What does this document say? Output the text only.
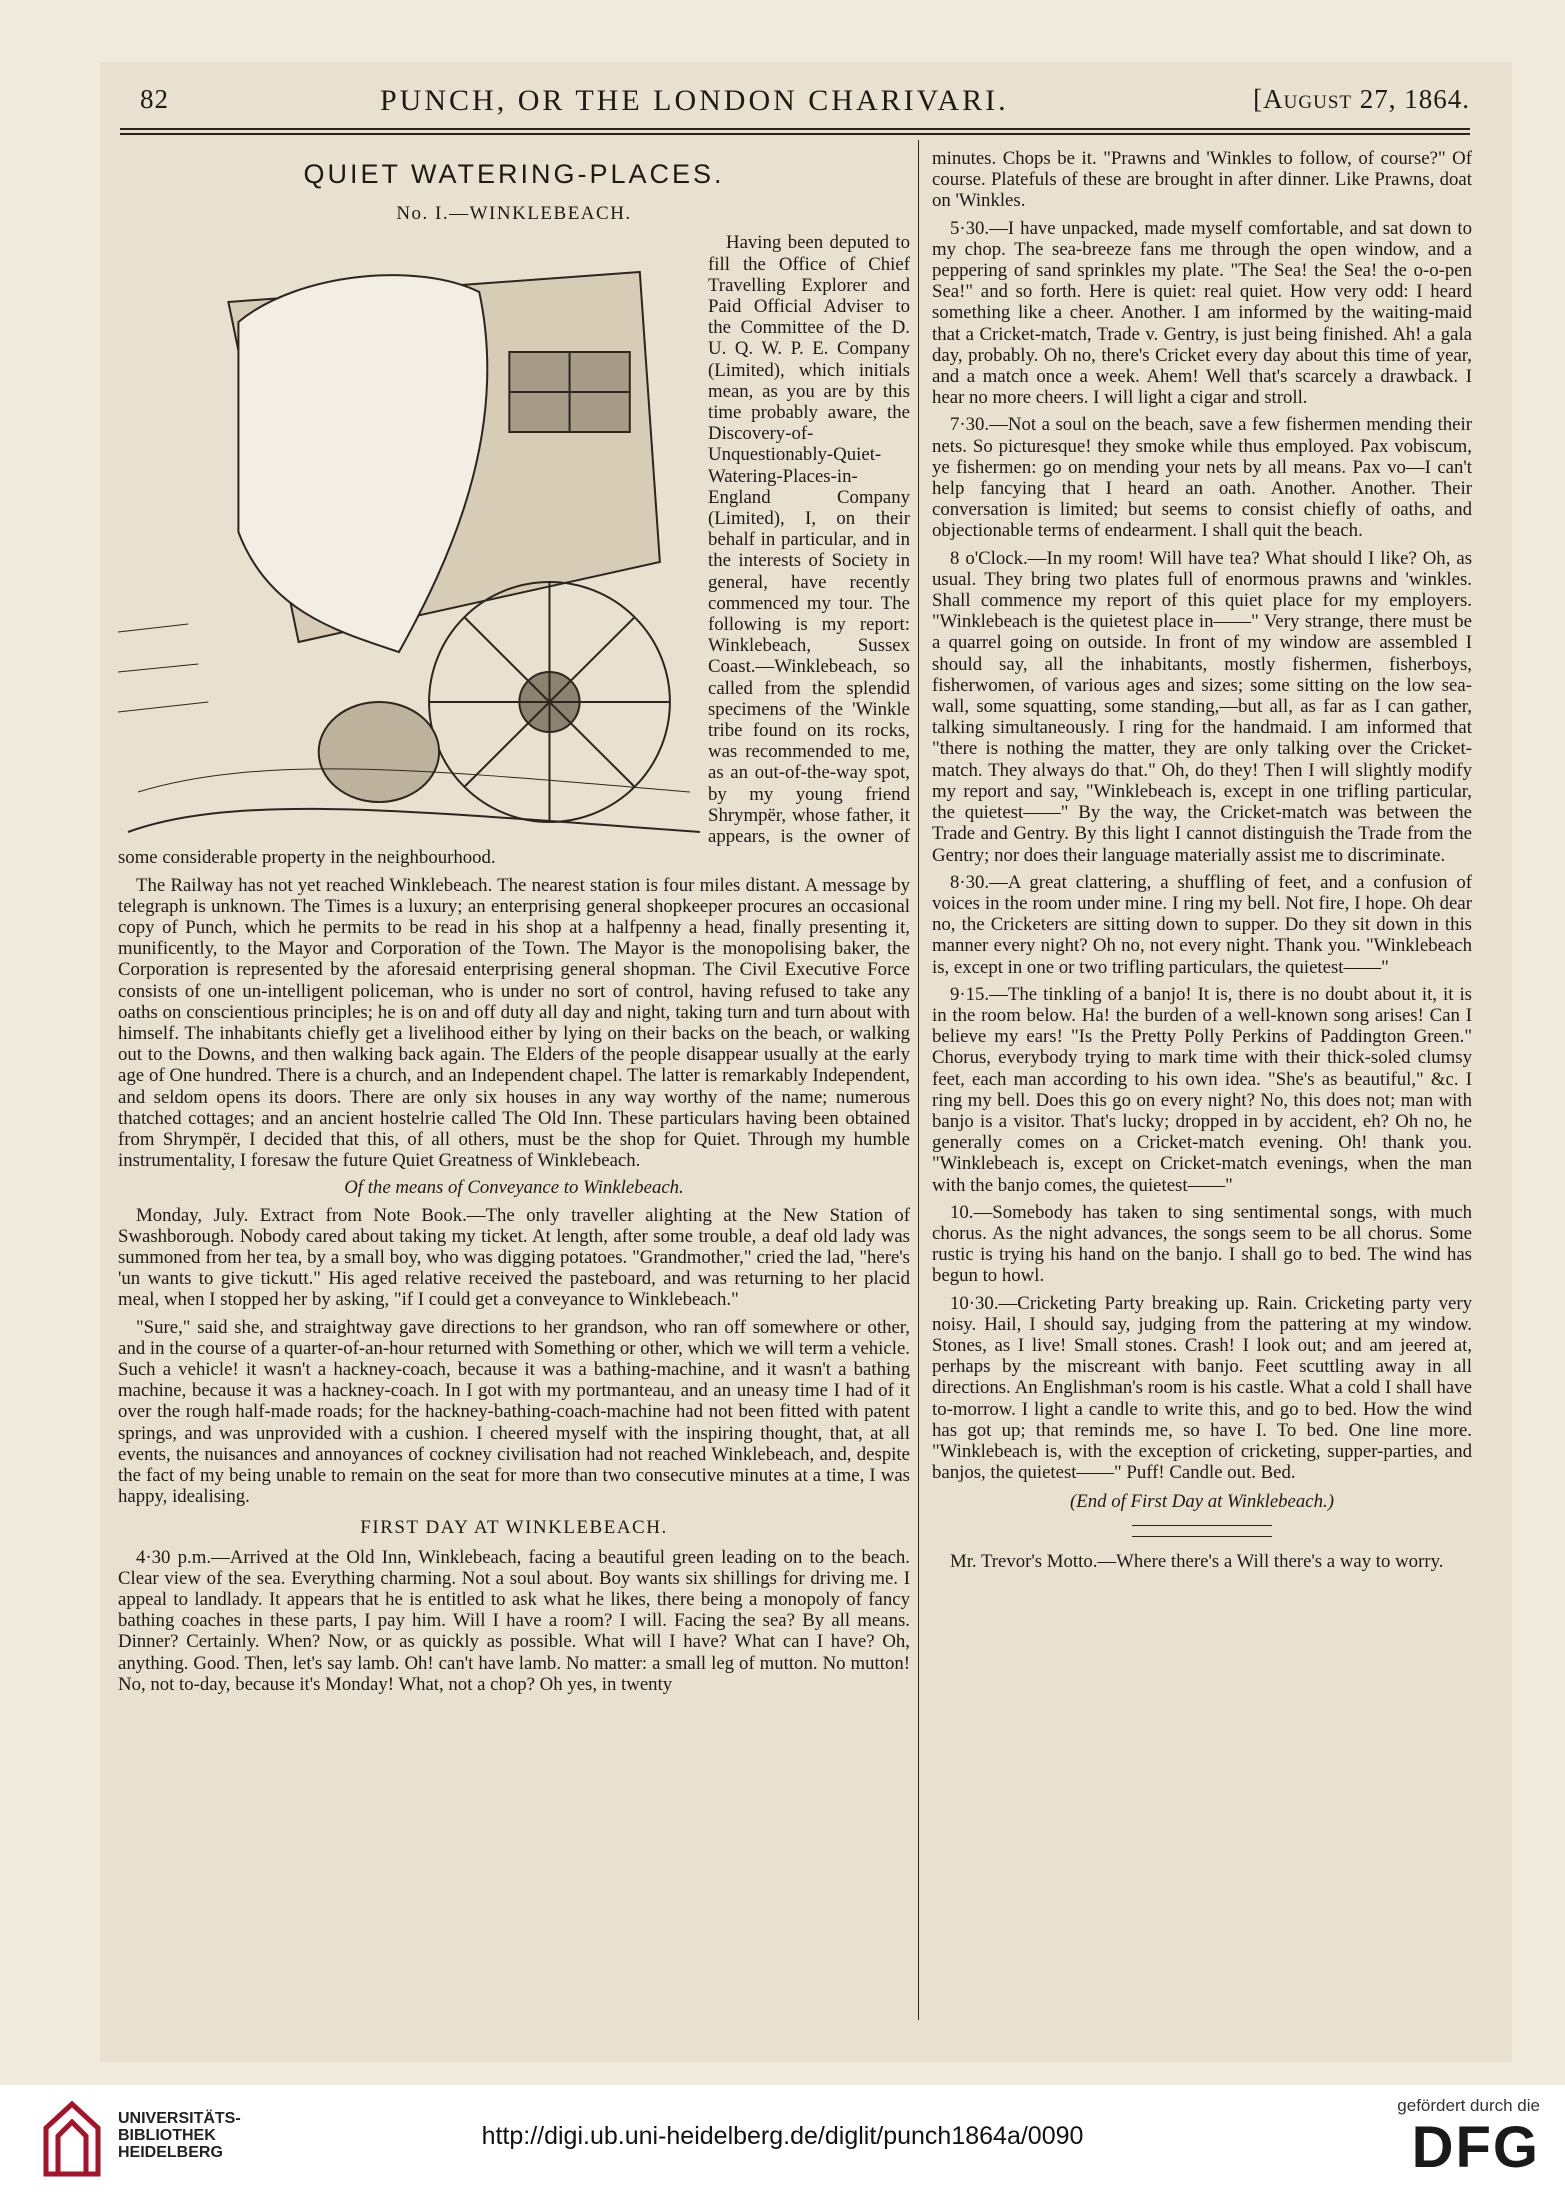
82	PUNCH, OR THE LONDON CHARIVARI.	[August 27, 1864.
QUIET WATERING-PLACES.
No. I.—WINKLEBEACH.

Having been deputed to fill the Office of Chief Travelling Explorer and Paid Official Adviser to the Committee of the D. U. Q. W. P. E. Company (Limited), which initials mean, as you are by this time probably aware, the Discovery-of-Unquestionably-Quiet-Watering-Places-in-England Company (Limited), I, on their behalf in particular, and in the interests of Society in general, have recently commenced my tour. The following is my report: Winklebeach, Sussex Coast.—Winklebeach, so called from the splendid specimens of the 'Winkle tribe found on its rocks, was recommended to me, as an out-of-the-way spot, by my young friend Shrympër, whose father, it appears, is the owner of some considerable property in the neighbourhood.

The Railway has not yet reached Winklebeach. The nearest station is four miles distant. A message by telegraph is unknown. The Times is a luxury; an enterprising general shopkeeper procures an occasional copy of Punch, which he permits to be read in his shop at a halfpenny a head, finally presenting it, munificently, to the Mayor and Corporation of the Town. The Mayor is the monopolising baker, the Corporation is represented by the aforesaid enterprising general shopman. The Civil Executive Force consists of one un-intelligent policeman, who is under no sort of control, having refused to take any oaths on conscientious principles; he is on and off duty all day and night, taking turn and turn about with himself. The inhabitants chiefly get a livelihood either by lying on their backs on the beach, or walking out to the Downs, and then walking back again. The Elders of the people disappear usually at the early age of One hundred. There is a church, and an Independent chapel. The latter is remarkably Independent, and seldom opens its doors. There are only six houses in any way worthy of the name; numerous thatched cottages; and an ancient hostelrie called The Old Inn. These particulars having been obtained from Shrympër, I decided that this, of all others, must be the shop for Quiet. Through my humble instrumentality, I foresaw the future Quiet Greatness of Winklebeach.

Of the means of Conveyance to Winklebeach.

Monday, July. Extract from Note Book.—The only traveller alighting at the New Station of Swashborough. Nobody cared about taking my ticket. At length, after some trouble, a deaf old lady was summoned from her tea, by a small boy, who was digging potatoes. "Grandmother," cried the lad, "here's 'un wants to give tickutt." His aged relative received the pasteboard, and was returning to her placid meal, when I stopped her by asking, "if I could get a conveyance to Winklebeach."

"Sure," said she, and straightway gave directions to her grandson, who ran off somewhere or other, and in the course of a quarter-of-an-hour returned with Something or other, which we will term a vehicle. Such a vehicle! it wasn't a hackney-coach, because it was a bathing-machine, and it wasn't a bathing machine, because it was a hackney-coach. In I got with my portmanteau, and an uneasy time I had of it over the rough half-made roads; for the hackney-bathing-coach-machine had not been fitted with patent springs, and was unprovided with a cushion. I cheered myself with the inspiring thought, that, at all events, the nuisances and annoyances of cockney civilisation had not reached Winklebeach, and, despite the fact of my being unable to remain on the seat for more than two consecutive minutes at a time, I was happy, idealising.

FIRST DAY AT WINKLEBEACH.

4·30 p.m.—Arrived at the Old Inn, Winklebeach, facing a beautiful green leading on to the beach. Clear view of the sea. Everything charming. Not a soul about. Boy wants six shillings for driving me. I appeal to landlady. It appears that he is entitled to ask what he likes, there being a monopoly of fancy bathing coaches in these parts, I pay him. Will I have a room? I will. Facing the sea? By all means. Dinner? Certainly. When? Now, or as quickly as possible. What will I have? What can I have? Oh, anything. Good. Then, let's say lamb. Oh! can't have lamb. No matter: a small leg of mutton. No mutton! No, not to-day, because it's Monday! What, not a chop? Oh yes, in twenty

minutes. Chops be it. "Prawns and 'Winkles to follow, of course?" Of course. Platefuls of these are brought in after dinner. Like Prawns, doat on 'Winkles.

5·30.—I have unpacked, made myself comfortable, and sat down to my chop. The sea-breeze fans me through the open window, and a peppering of sand sprinkles my plate. "The Sea! the Sea! the o-o-pen Sea!" and so forth. Here is quiet: real quiet. How very odd: I heard something like a cheer. Another. I am informed by the waiting-maid that a Cricket-match, Trade v. Gentry, is just being finished. Ah! a gala day, probably. Oh no, there's Cricket every day about this time of year, and a match once a week. Ahem! Well that's scarcely a drawback. I hear no more cheers. I will light a cigar and stroll.

7·30.—Not a soul on the beach, save a few fishermen mending their nets. So picturesque! they smoke while thus employed. Pax vobiscum, ye fishermen: go on mending your nets by all means. Pax vo—I can't help fancying that I heard an oath. Another. Another. Their conversation is limited; but seems to consist chiefly of oaths, and objectionable terms of endearment. I shall quit the beach.

8 o'Clock.—In my room! Will have tea? What should I like? Oh, as usual. They bring two plates full of enormous prawns and 'winkles. Shall commence my report of this quiet place for my employers. "Winklebeach is the quietest place in——" Very strange, there must be a quarrel going on outside. In front of my window are assembled I should say, all the inhabitants, mostly fishermen, fisherboys, fisherwomen, of various ages and sizes; some sitting on the low sea-wall, some squatting, some standing,—but all, as far as I can gather, talking simultaneously. I ring for the handmaid. I am informed that "there is nothing the matter, they are only talking over the Cricket-match. They always do that." Oh, do they! Then I will slightly modify my report and say, "Winklebeach is, except in one trifling particular, the quietest——" By the way, the Cricket-match was between the Trade and Gentry. By this light I cannot distinguish the Trade from the Gentry; nor does their language materially assist me to discriminate.

8·30.—A great clattering, a shuffling of feet, and a confusion of voices in the room under mine. I ring my bell. Not fire, I hope. Oh dear no, the Cricketers are sitting down to supper. Do they sit down in this manner every night? Oh no, not every night. Thank you. "Winklebeach is, except in one or two trifling particulars, the quietest——"

9·15.—The tinkling of a banjo! It is, there is no doubt about it, it is in the room below. Ha! the burden of a well-known song arises! Can I believe my ears! "Is the Pretty Polly Perkins of Paddington Green." Chorus, everybody trying to mark time with their thick-soled clumsy feet, each man according to his own idea. "She's as beautiful," &c. I ring my bell. Does this go on every night? No, this does not; man with banjo is a visitor. That's lucky; dropped in by accident, eh? Oh no, he generally comes on a Cricket-match evening. Oh! thank you. "Winklebeach is, except on Cricket-match evenings, when the man with the banjo comes, the quietest——"

10.—Somebody has taken to sing sentimental songs, with much chorus. As the night advances, the songs seem to be all chorus. Some rustic is trying his hand on the banjo. I shall go to bed. The wind has begun to howl.

10·30.—Cricketing Party breaking up. Rain. Cricketing party very noisy. Hail, I should say, judging from the pattering at my window. Stones, as I live! Small stones. Crash! I look out; and am jeered at, perhaps by the miscreant with banjo. Feet scuttling away in all directions. An Englishman's room is his castle. What a cold I shall have to-morrow. I light a candle to write this, and go to bed. How the wind has got up; that reminds me, so have I. To bed. One line more. "Winklebeach is, with the exception of cricketing, supper-parties, and banjos, the quietest——" Puff! Candle out. Bed.

(End of First Day at Winklebeach.)

Mr. Trevor's Motto.—Where there's a Will there's a way to worry.

UNIVERSITÄTS-
BIBLIOTHEK
HEIDELBERG
http://digi.ub.uni-heidelberg.de/diglit/punch1864a/0090
gefördert durch die
DFG
